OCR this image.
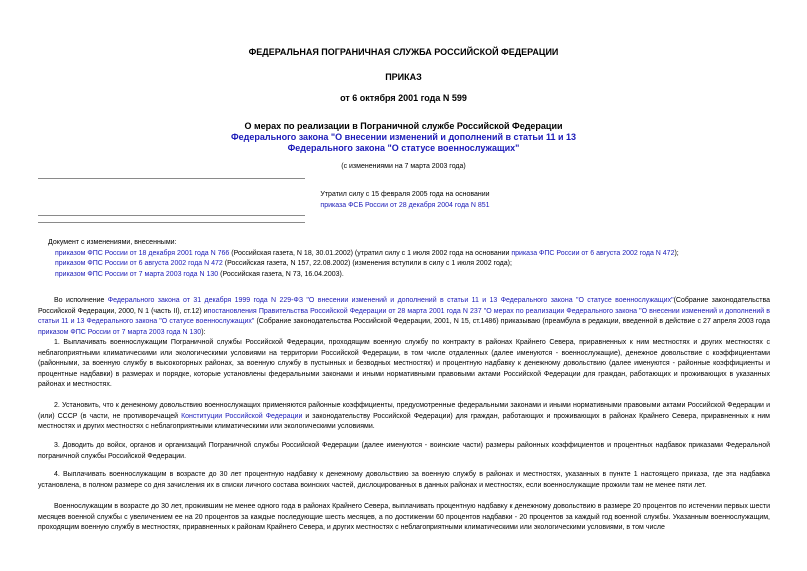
ФЕДЕРАЛЬНАЯ ПОГРАНИЧНАЯ СЛУЖБА РОССИЙСКОЙ ФЕДЕРАЦИИ
ПРИКАЗ
от 6 октября 2001 года N 599
О мерах по реализации в Пограничной службе Российской Федерации
Федерального закона "О внесении изменений и дополнений в статьи 11 и 13
Федерального закона "О статусе военнослужащих"
(с изменениями на 7 марта 2003 года)
Утратил силу с 15 февраля 2005 года на основании
приказа ФСБ России от 28 декабря 2004 года N 851
Документ с изменениями, внесенными:
приказом ФПС России от 18 декабря 2001 года N 766 (Российская газета, N 18, 30.01.2002) (утратил силу с 1 июля 2002 года на основании приказа ФПС России от 6 августа 2002 года N 472);
приказом ФПС России от 6 августа 2002 года N 472 (Российская газета, N 157, 22.08.2002) (изменения вступили в силу с 1 июля 2002 года);
приказом ФПС России от 7 марта 2003 года N 130 (Российская газета, N 73, 16.04.2003).
Во исполнение Федерального закона от 31 декабря 1999 года N 229-ФЗ "О внесении изменений и дополнений в статьи 11 и 13 Федерального закона "О статусе военнослужащих"(Собрание законодательства Российской Федерации, 2000, N 1 (часть II), ст.12) ипостановления Правительства Российской Федерации от 28 марта 2001 года N 237 "О мерах по реализации Федерального закона "О внесении изменений и дополнений в статьи 11 и 13 Федерального закона "О статусе военнослужащих" (Собрание законодательства Российской Федерации, 2001, N 15, ст.1486) приказываю (преамбула в редакции, введенной в действие с 27 апреля 2003 года приказом ФПС России от 7 марта 2003 года N 130):
1. Выплачивать военнослужащим Пограничной службы Российской Федерации, проходящим военную службу по контракту в районах Крайнего Севера, приравненных к ним местностях и других местностях с неблагоприятными климатическими или экологическими условиями на территории Российской Федерации, в том числе отдаленных (далее именуются - военнослужащие), денежное довольствие с коэффициентами (районными, за военную службу в высокогорных районах, за военную службу в пустынных и безводных местностях) и процентную надбавку к денежному довольствию (далее именуются - районные коэффициенты и процентные надбавки) в размерах и порядке, которые установлены федеральными законами и иными нормативными правовыми актами Российской Федерации для граждан, работающих и проживающих в указанных районах и местностях.
2. Установить, что к денежному довольствию военнослужащих применяются районные коэффициенты, предусмотренные федеральными законами и иными нормативными правовыми актами Российской Федерации и (или) СССР (в части, не противоречащей Конституции Российской Федерации и законодательству Российской Федерации) для граждан, работающих и проживающих в районах Крайнего Севера, приравненных к ним местностях и других местностях с неблагоприятными климатическими или экологическими условиями.
3. Доводить до войск, органов и организаций Пограничной службы Российской Федерации (далее именуются - воинские части) размеры районных коэффициентов и процентных надбавок приказами Федеральной пограничной службы Российской Федерации.
4. Выплачивать военнослужащим в возрасте до 30 лет процентную надбавку к денежному довольствию за военную службу в районах и местностях, указанных в пункте 1 настоящего приказа, где эта надбавка установлена, в полном размере со дня зачисления их в списки личного состава воинских частей, дислоцированных в данных районах и местностях, если военнослужащие прожили там не менее пяти лет.
Военнослужащим в возрасте до 30 лет, прожившим не менее одного года в районах Крайнего Севера, выплачивать процентную надбавку к денежному довольствию в размере 20 процентов по истечении первых шести месяцев военной службы с увеличением ее на 20 процентов за каждые последующие шесть месяцев, а по достижении 60 процентов надбавки - 20 процентов за каждый год военной службы. Указанным военнослужащим, проходящим военную службу в местностях, приравненных к районам Крайнего Севера, и других местностях с неблагоприятными климатическими или экологическими условиями, в том числе
